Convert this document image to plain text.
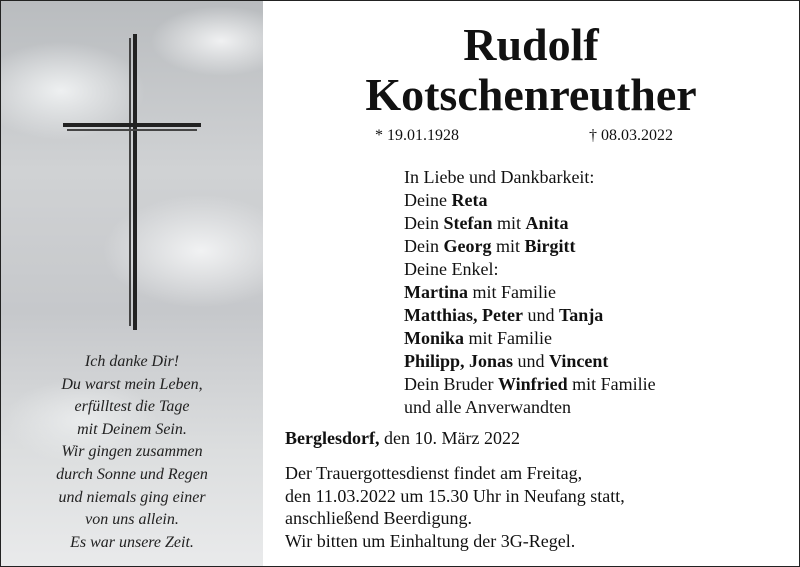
Ich danke Dir!
Du warst mein Leben,
erfülltest die Tage
mit Deinem Sein.
Wir gingen zusammen
durch Sonne und Regen
und niemals ging einer
von uns allein.
Es war unsere Zeit.
Rudolf
Kotschenreuther
* 19.01.1928	† 08.03.2022
In Liebe und Dankbarkeit:
Deine Reta
Dein Stefan mit Anita
Dein Georg mit Birgitt
Deine Enkel:
Martina mit Familie
Matthias, Peter und Tanja
Monika mit Familie
Philipp, Jonas und Vincent
Dein Bruder Winfried mit Familie
und alle Anverwandten
Berglesdorf, den 10. März 2022
Der Trauergottesdienst findet am Freitag,
den 11.03.2022 um 15.30 Uhr in Neufang statt,
anschließend Beerdigung.
Wir bitten um Einhaltung der 3G-Regel.
